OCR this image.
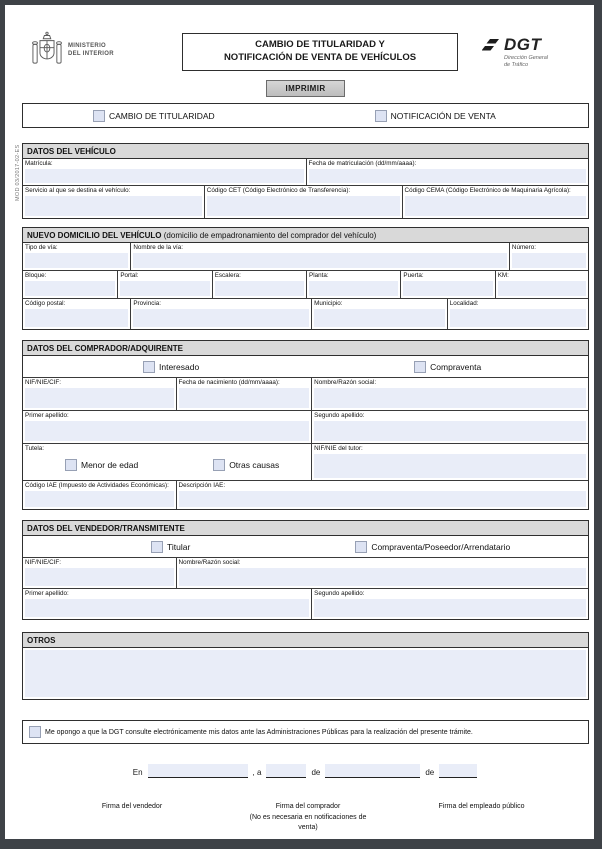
MOD 03/2017-02-ES
MINISTERIO
DEL INTERIOR
CAMBIO DE TITULARIDAD Y
NOTIFICACIÓN DE VENTA DE VEHÍCULOS
DGT
Dirección General
de Tráfico
IMPRIMIR
CAMBIO DE TITULARIDAD	NOTIFICACIÓN DE VENTA
DATOS DEL VEHÍCULO
Matrícula:	Fecha de matriculación (dd/mm/aaaa):
Servicio al que se destina el vehículo:	Código CET (Código Electrónico de Transferencia):	Código CEMA (Código Electrónico de Maquinaria Agrícola):
NUEVO DOMICILIO DEL VEHÍCULO (domicilio de empadronamiento del comprador del vehículo)
Tipo de vía:	Nombre de la vía:	Número:
Bloque:	Portal:	Escalera:	Planta:	Puerta:	KM:
Código postal:	Provincia:	Municipio:	Localidad:
DATOS DEL COMPRADOR/ADQUIRENTE
Interesado	Compraventa
NIF/NIE/CIF:	Fecha de nacimiento (dd/mm/aaaa):	Nombre/Razón social:
Primer apellido:	Segundo apellido:
Tutela:
Menor de edad	Otras causas
NIF/NIE del tutor:
Código IAE (Impuesto de Actividades Económicas):	Descripción IAE:
DATOS DEL VENDEDOR/TRANSMITENTE
Titular	Compraventa/Poseedor/Arrendatario
NIF/NIE/CIF:	Nombre/Razón social:
Primer apellido:	Segundo apellido:
OTROS
Me opongo a que la DGT consulte electrónicamente mis datos ante las Administraciones Públicas para la realización del presente trámite.
En	, a	de	de
Firma del vendedor	Firma del comprador
(No es necesaria en notificaciones de venta)
Firma del empleado público
